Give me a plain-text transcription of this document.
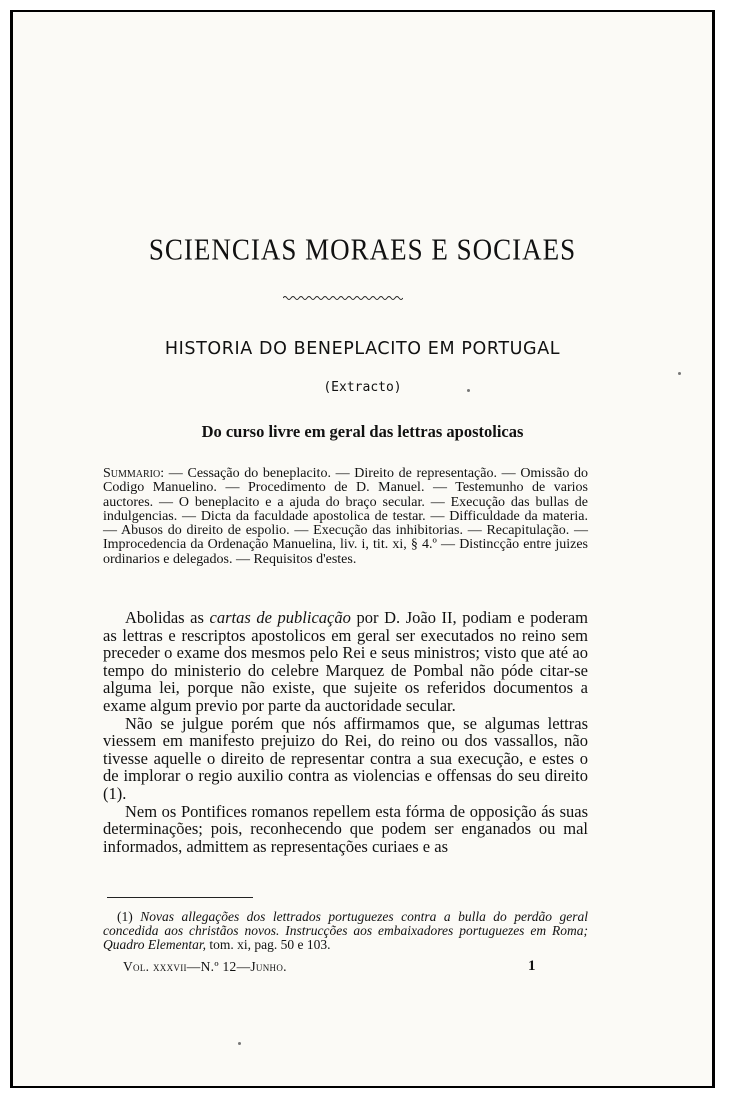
SCIENCIAS MORAES E SOCIAES
HISTORIA DO BENEPLACITO EM PORTUGAL
(Extracto)
Do curso livre em geral das lettras apostolicas
Summario: — Cessação do beneplacito. — Direito de representação. — Omissão do Codigo Manuelino. — Procedimento de D. Manuel. — Testemunho de varios auctores. — O beneplacito e a ajuda do braço secular. — Execução das bullas de indulgencias. — Dicta da faculdade apostolica de testar. — Difficuldade da materia. — Abusos do direito de espolio. — Execução das inhibitorias. — Recapitulação. — Improcedencia da Ordenação Manuelina, liv. i, tit. xi, § 4.º — Distincção entre juizes ordinarios e delegados. — Requisitos d'estes.

Abolidas as cartas de publicação por D. João II, podiam e poderam as lettras e rescriptos apostolicos em geral ser executados no reino sem preceder o exame dos mesmos pelo Rei e seus ministros; visto que até ao tempo do ministerio do celebre Marquez de Pombal não póde citar-se alguma lei, porque não existe, que sujeite os referidos documentos a exame algum previo por parte da auctoridade secular.

Não se julgue porém que nós affirmamos que, se algumas lettras viessem em manifesto prejuizo do Rei, do reino ou dos vassallos, não tivesse aquelle o direito de representar contra a sua execução, e estes o de implorar o regio auxilio contra as violencias e offensas do seu direito (1).

Nem os Pontifices romanos repellem esta fórma de opposição ás suas determinações; pois, reconhecendo que podem ser enganados ou mal informados, admittem as representações curiaes e as

(1) Novas allegações dos lettrados portuguezes contra a bulla do perdão geral concedida aos christãos novos. Instrucções aos embaixadores portuguezes em Roma; Quadro Elementar, tom. xi, pag. 50 e 103.

Vol. xxxvii—N.º 12—Junho.	1
